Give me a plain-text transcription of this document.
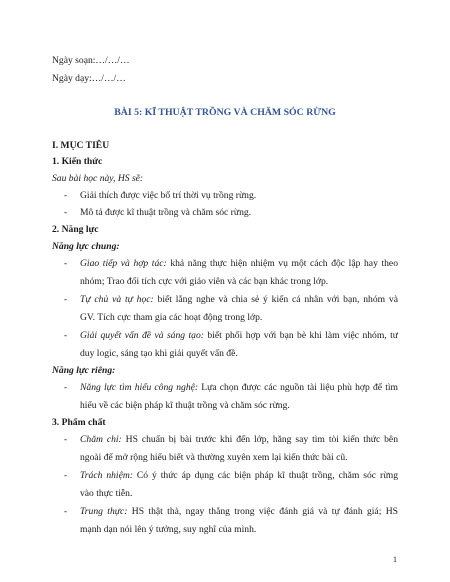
Ngày soạn:…/…/…
Ngày dạy:…/…/…
BÀI 5: KĨ THUẬT TRỒNG VÀ CHĂM SÓC RỪNG
I. MỤC TIÊU
1. Kiến thức
Sau bài học này, HS sẽ:
- Giải thích được việc bố trí thời vụ trồng rừng.
- Mô tả được kĩ thuật trồng và chăm sóc rừng.
2. Năng lực
Năng lực chung:
- Giao tiếp và hợp tác: khả năng thực hiện nhiệm vụ một cách độc lập hay theo
nhóm; Trao đổi tích cực với giáo viên và các bạn khác trong lớp.
- Tự chủ và tự học: biết lắng nghe và chia sẻ ý kiến cá nhân với bạn, nhóm và
GV. Tích cực tham gia các hoạt động trong lớp.
- Giải quyết vấn đề và sáng tạo: biết phối hợp với bạn bè khi làm việc nhóm, tư
duy logic, sáng tạo khi giải quyết vấn đề.
Năng lực riêng:
- Năng lực tìm hiểu công nghệ: Lựa chọn được các nguồn tài liệu phù hợp để tìm
hiểu về các biện pháp kĩ thuật trồng và chăm sóc rừng.
3. Phẩm chất
- Chăm chỉ: HS chuẩn bị bài trước khi đến lớp, hăng say tìm tòi kiến thức bên
ngoài để mở rộng hiểu biết và thường xuyên xem lại kiến thức bài cũ.
- Trách nhiệm: Có ý thức áp dụng các biện pháp kĩ thuật trồng, chăm sóc rừng
vào thực tiễn.
- Trung thực: HS thật thà, ngay thẳng trong việc đánh giá và tự đánh giá; HS
mạnh dạn nói lên ý tưởng, suy nghĩ của mình.
1
